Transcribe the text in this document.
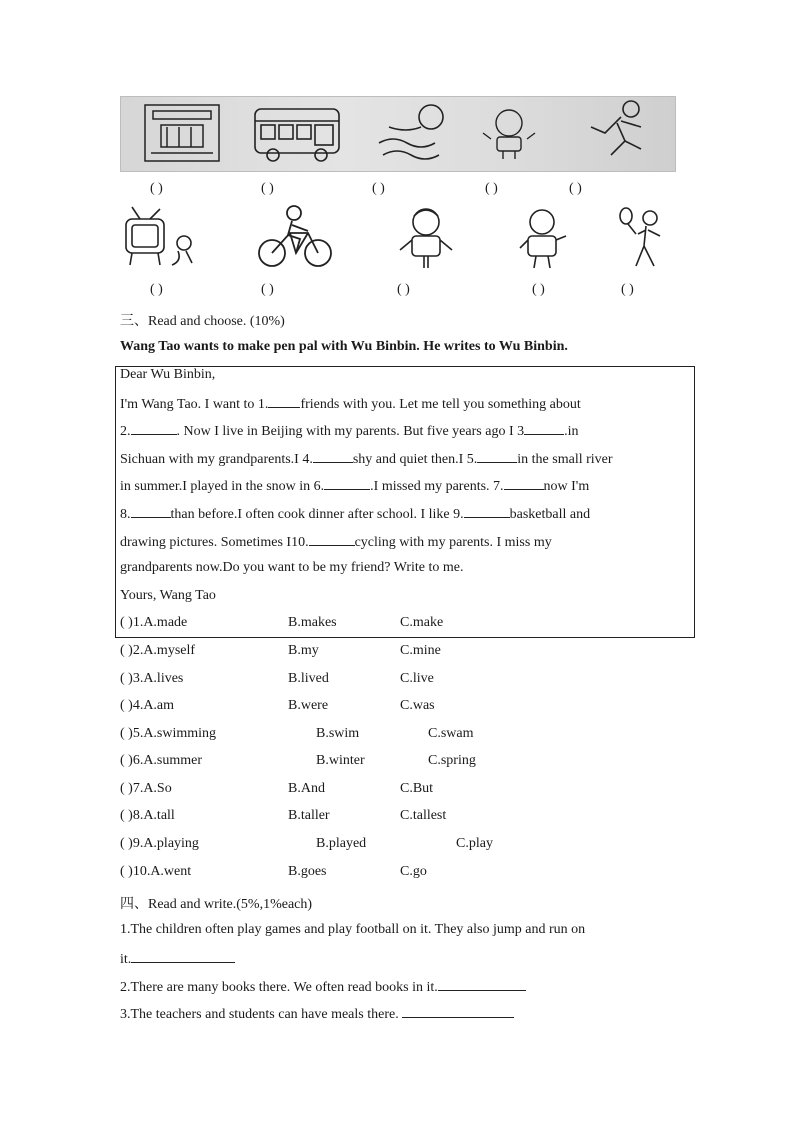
( )	( )	( )	( )	( )
( )	( )	( )	( )	( )
三、Read and choose. (10%)
Wang Tao wants to make pen pal with Wu Binbin. He writes to Wu Binbin.
Dear Wu Binbin,
I'm Wang Tao. I want to 1. friends with you. Let me tell you something about
2.	. Now I live in Beijing with my parents. But five years ago I 3	.in
Sichuan with my grandparents.I 4.	shy and quiet then.I 5.	in the small river
in summer.I played in the snow in 6.	.I missed my parents. 7.	now I'm
8.	than before.I often cook dinner after school. I like 9.	basketball and
drawing pictures. Sometimes I10.	cycling with my parents. I miss my
grandparents now.Do you want to be my friend? Write to me.
Yours, Wang Tao
( )1.A.made	B.makes	C.make
( )2.A.myself	B.my	C.mine
( )3.A.lives	B.lived	C.live
( )4.A.am	B.were	C.was
( )5.A.swimming	B.swim	C.swam
( )6.A.summer	B.winter	C.spring
( )7.A.So	B.And	C.But
( )8.A.tall	B.taller	C.tallest
( )9.A.playing	B.played	C.play
( )10.A.went	B.goes	C.go
四、Read and write.(5%,1%each)
1.The children often play games and play football on it. They also jump and run on
it.
2.There are many books there. We often read books in it.
3.The teachers and students can have meals there.
